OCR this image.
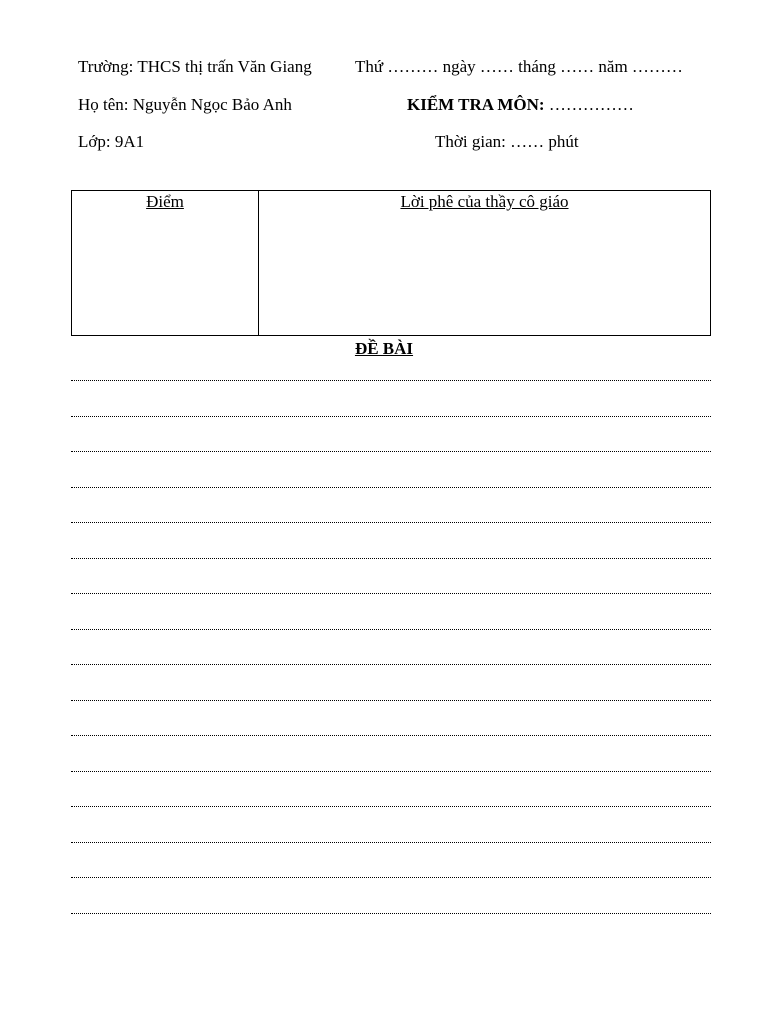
Trường: THCS thị trấn Văn Giang	Thứ ……… ngày …… tháng …… năm ………
Họ tên: Nguyễn Ngọc Bảo Anh	KIỂM TRA MÔN: ……………
Lớp: 9A1	Thời gian: …… phút
Điểm	Lời phê của thầy cô giáo
ĐỀ BÀI
